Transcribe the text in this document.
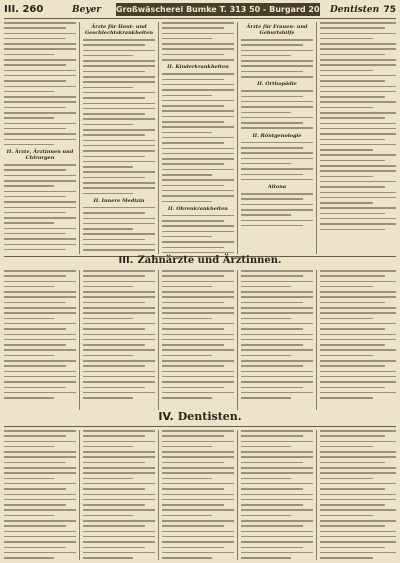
III. 260	Beyer Großwäscherei Bumke T. 313 50 - Burgard 2012 Dentisten 75
II. Ärzte, Ärztinnen und Chirurgen
Ärzte für Haut- und Geschlechtskrankheiten
II. Innere Medizin
II. Kinderkrankheiten
II. Ohrenkrankheiten
Ärzte für Frauen- und Geburtshilfe
II. Orthopädie
II. Röntgenologie
Altona
III. Zahnärzte und Ärztinnen.
IV. Dentisten.
